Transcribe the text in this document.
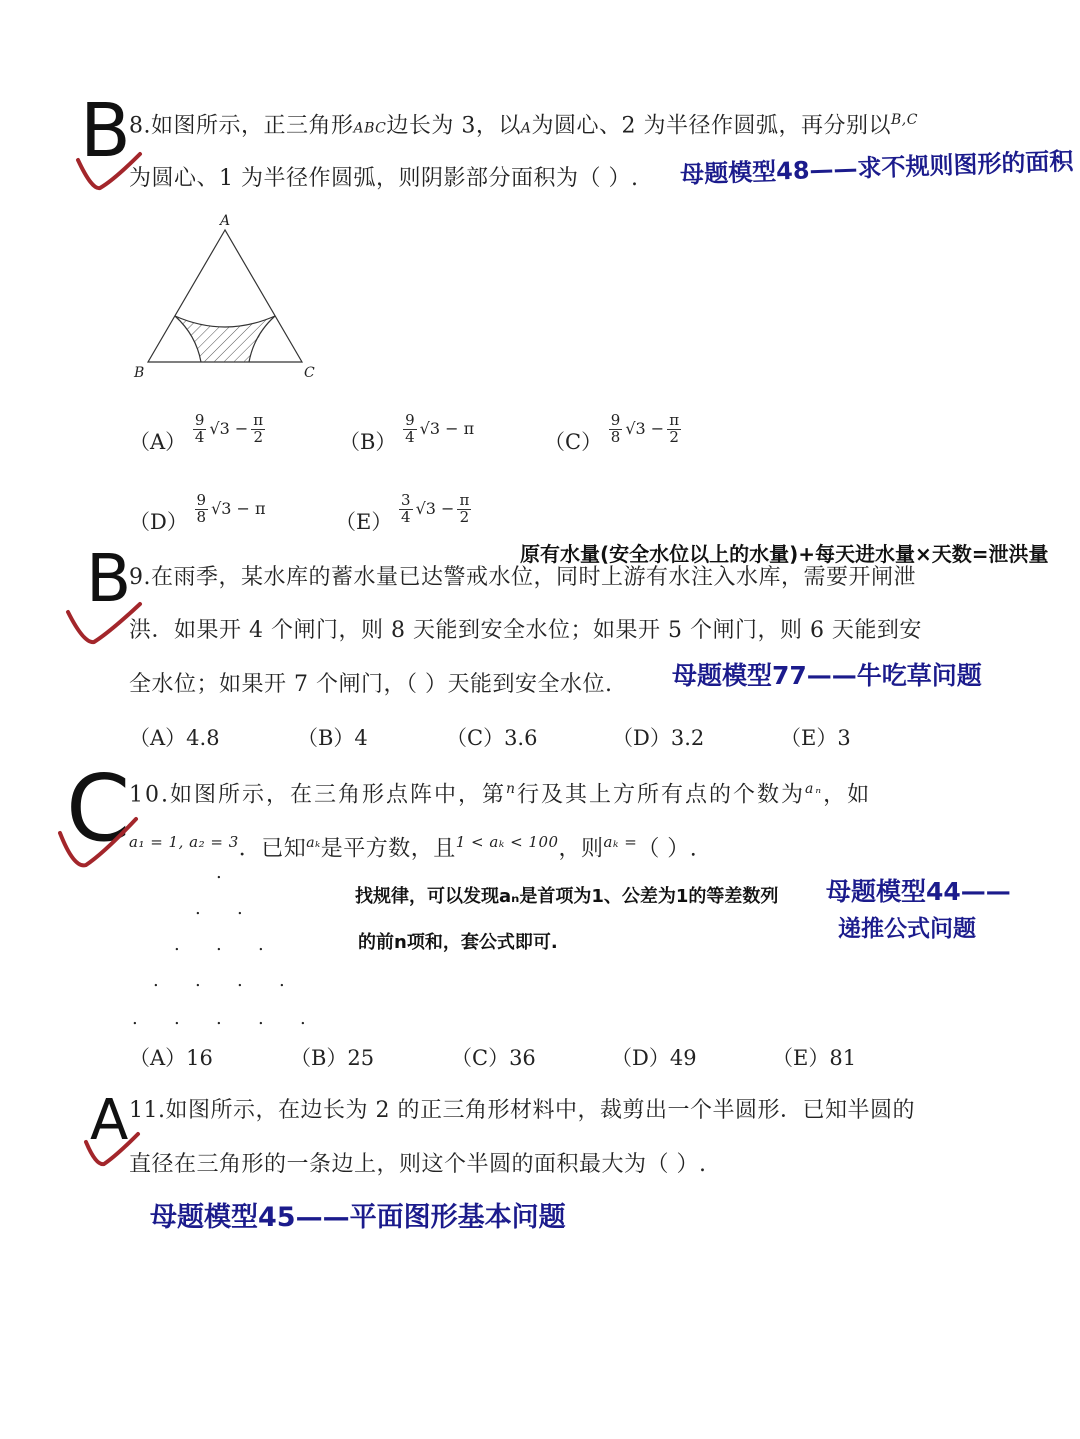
B
8.如图所示，正三角形ABC边长为 3，以A为圆心、2 为半径作圆弧，再分别以$^{B,C}$
为圆心、1 为半径作圆弧，则阴影部分面积为（ ）. 母题模型48——求不规则图形的面积
A
B	C
$(A) \frac{9}{4} √3 - \frac{\pi}{2}$	$(B) \frac{9}{4} √3 - \pi$
$(C) \frac{9}{8} √3 - \frac{\pi}{2}$
$(D) \frac{9}{8} √3 - \pi$
$(E) \frac{3}{4} √3 - \frac{\pi}{2}$
原有水量(安全水位以上的水量)+每天进水量×天数=泄洪量
B
9.在雨季，某水库的蓄水量已达警戒水位，同时上游有水注入水库，需要开闸泄
洪．如果开 4 个闸门，则 8 天能到安全水位；如果开 5 个闸门，则 6 天能到安
全水位；如果开 7 个闸门，（ ）天能到安全水位. 母题模型77——牛吃草问题
（A）4.8	（B）4	（C）3.6	（D）3.2	（E）3
C
10.如图所示，在三角形点阵中，第$^n$行及其上方所有点的个数为$^{a_n}$，如
$^{a_1 = 1, a_2 = 3}$．已知$^{a_k}$是平方数，且$^{1 < a_k < 100}$，则$^{a_k =}$（ ）.
.
. .
. . .
. . . .
. . . . .
找规律，可以发现aₙ是首项为1、公差为1的等差数列
的前n项和，套公式即可.
母题模型44——
递推公式问题
（A）16	（B）25	（C）36	（D）49	（E）81
A 11.如图所示，在边长为 2 的正三角形材料中，裁剪出一个半圆形．已知半圆的
直径在三角形的一条边上，则这个半圆的面积最大为（ ）.
母题模型45——平面图形基本问题
